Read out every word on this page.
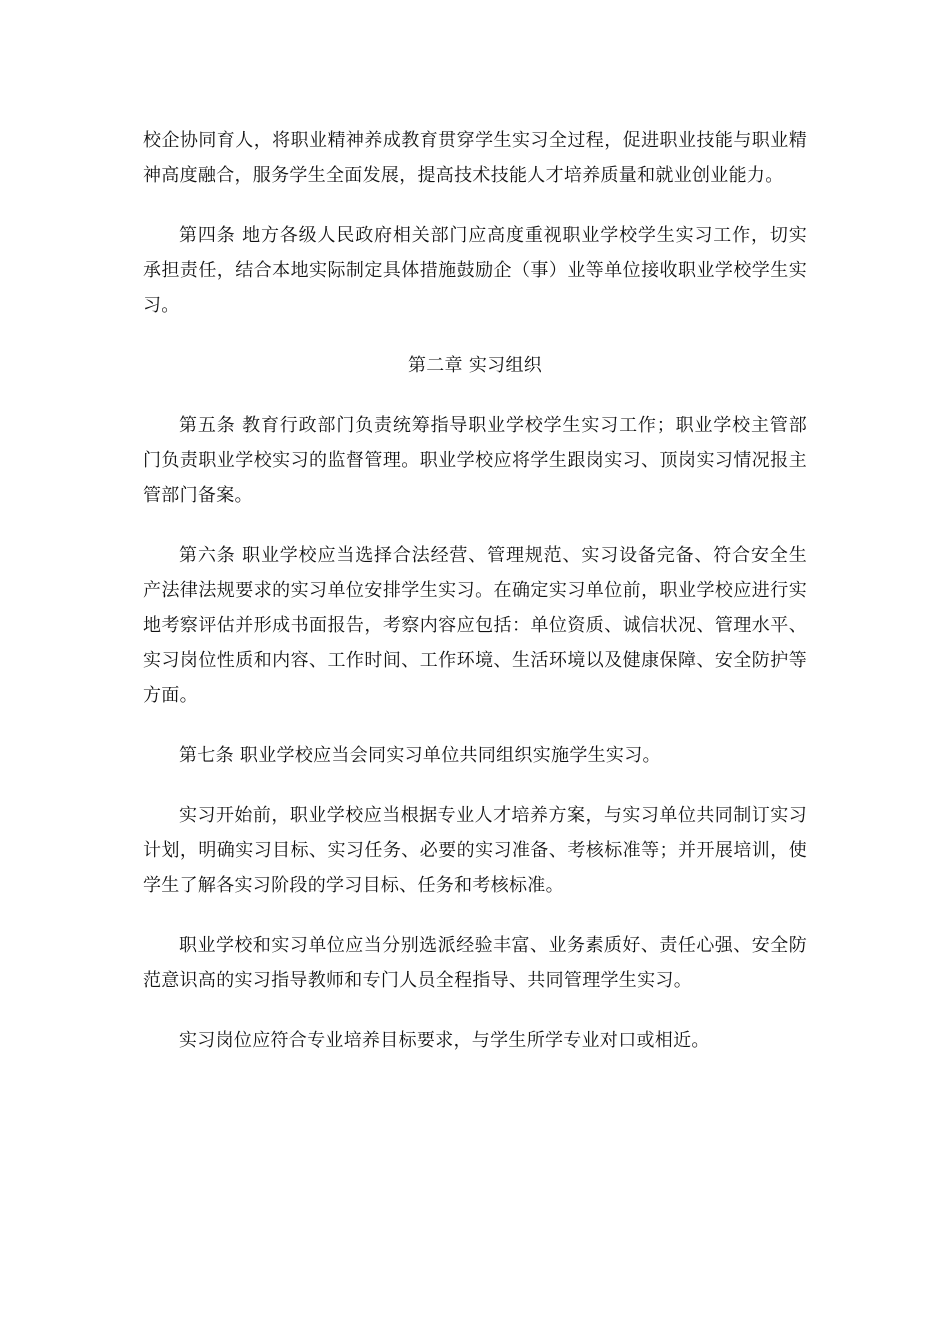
校企协同育人，将职业精神养成教育贯穿学生实习全过程，促进职业技能与职业精神高度融合，服务学生全面发展，提高技术技能人才培养质量和就业创业能力。

第四条 地方各级人民政府相关部门应高度重视职业学校学生实习工作，切实承担责任，结合本地实际制定具体措施鼓励企（事）业等单位接收职业学校学生实习。

第二章 实习组织

第五条 教育行政部门负责统筹指导职业学校学生实习工作；职业学校主管部门负责职业学校实习的监督管理。职业学校应将学生跟岗实习、顶岗实习情况报主管部门备案。

第六条 职业学校应当选择合法经营、管理规范、实习设备完备、符合安全生产法律法规要求的实习单位安排学生实习。在确定实习单位前，职业学校应进行实地考察评估并形成书面报告，考察内容应包括：单位资质、诚信状况、管理水平、实习岗位性质和内容、工作时间、工作环境、生活环境以及健康保障、安全防护等方面。

第七条 职业学校应当会同实习单位共同组织实施学生实习。

实习开始前，职业学校应当根据专业人才培养方案，与实习单位共同制订实习计划，明确实习目标、实习任务、必要的实习准备、考核标准等；并开展培训，使学生了解各实习阶段的学习目标、任务和考核标准。

职业学校和实习单位应当分别选派经验丰富、业务素质好、责任心强、安全防范意识高的实习指导教师和专门人员全程指导、共同管理学生实习。

实习岗位应符合专业培养目标要求，与学生所学专业对口或相近。
